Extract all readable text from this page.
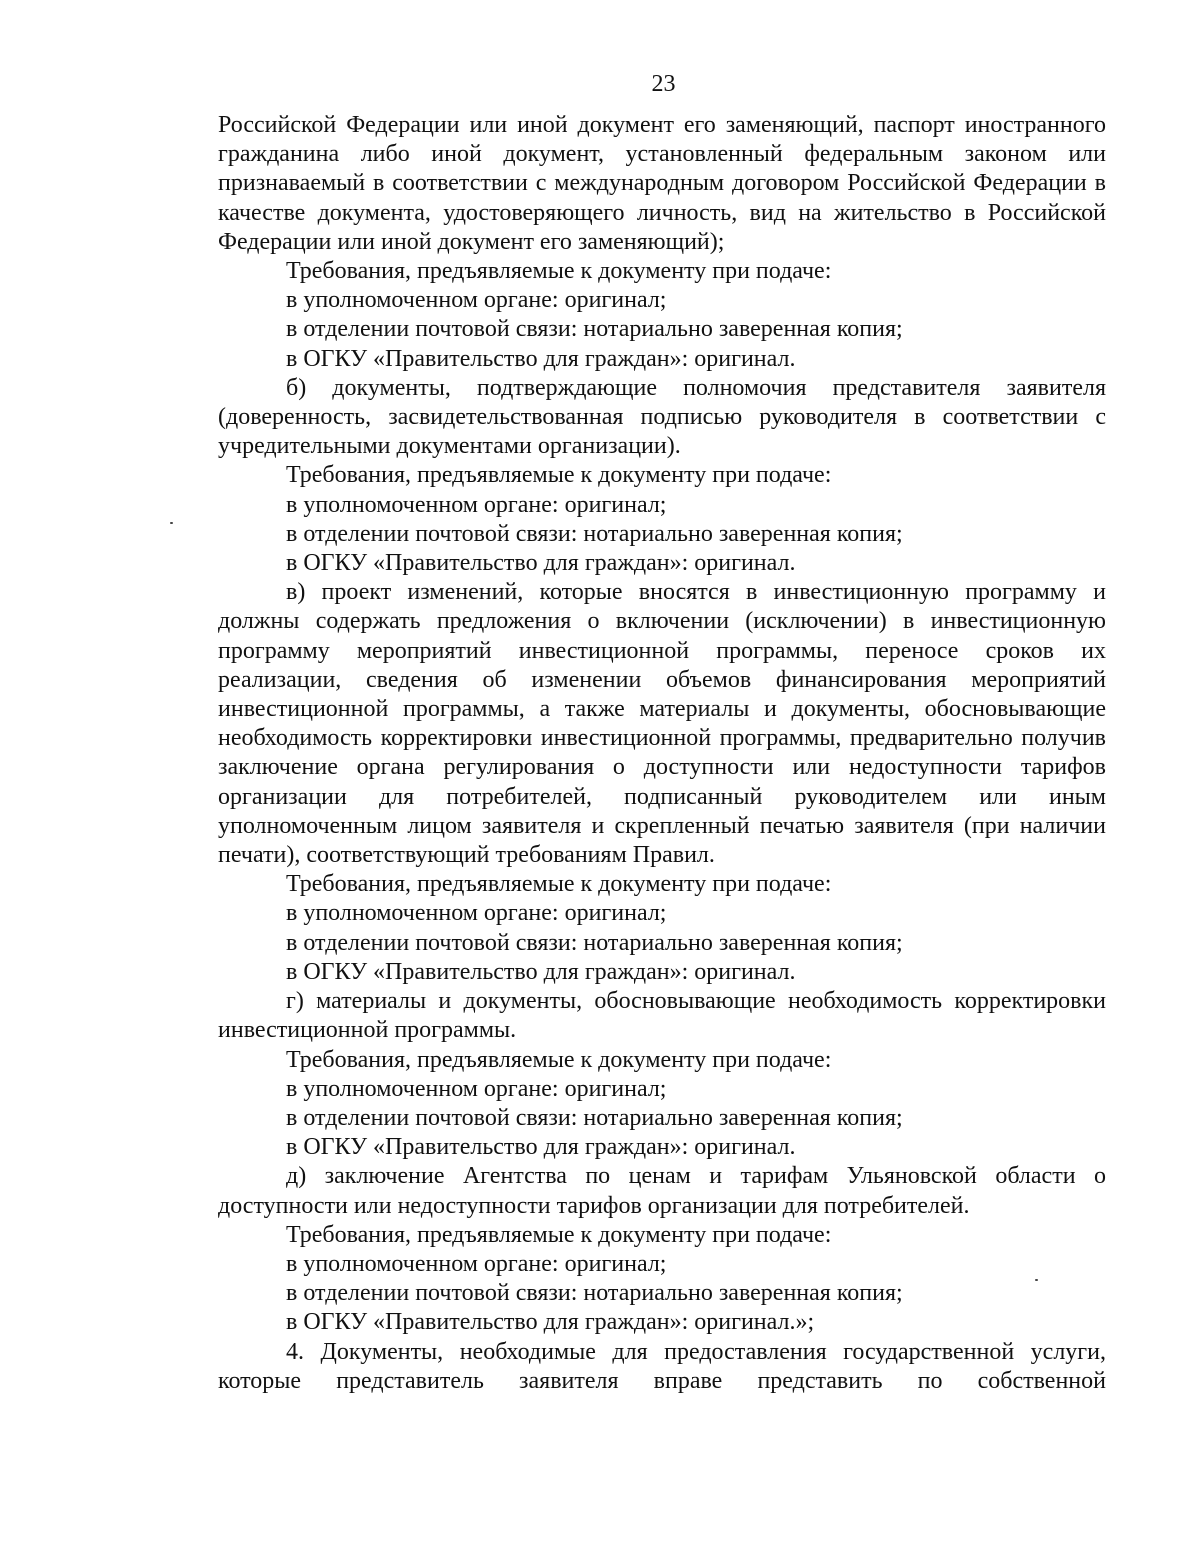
23

Российской Федерации или иной документ его заменяющий, паспорт иностранного гражданина либо иной документ, установленный федеральным законом или признаваемый в соответствии с международным договором Российской Федерации в качестве документа, удостоверяющего личность, вид на жительство в Российской Федерации или иной документ его заменяющий);

Требования, предъявляемые к документу при подаче:

в уполномоченном органе: оригинал;

в отделении почтовой связи: нотариально заверенная копия;

в ОГКУ «Правительство для граждан»: оригинал.

б) документы, подтверждающие полномочия представителя заявителя (доверенность, засвидетельствованная подписью руководителя в соответствии с учредительными документами организации).

Требования, предъявляемые к документу при подаче:

в уполномоченном органе: оригинал;

в отделении почтовой связи: нотариально заверенная копия;

в ОГКУ «Правительство для граждан»: оригинал.

в) проект изменений, которые вносятся в инвестиционную программу и должны содержать предложения о включении (исключении) в инвестиционную программу мероприятий инвестиционной программы, переносе сроков их реализации, сведения об изменении объемов финансирования мероприятий инвестиционной программы, а также материалы и документы, обосновывающие необходимость корректировки инвестиционной программы, предварительно получив заключение органа регулирования о доступности или недоступности тарифов организации для потребителей, подписанный руководителем или иным уполномоченным лицом заявителя и скрепленный печатью заявителя (при наличии печати), соответствующий требованиям Правил.

Требования, предъявляемые к документу при подаче:

в уполномоченном органе: оригинал;

в отделении почтовой связи: нотариально заверенная копия;

в ОГКУ «Правительство для граждан»: оригинал.

г) материалы и документы, обосновывающие необходимость корректировки инвестиционной программы.

Требования, предъявляемые к документу при подаче:

в уполномоченном органе: оригинал;

в отделении почтовой связи: нотариально заверенная копия;

в ОГКУ «Правительство для граждан»: оригинал.

д) заключение Агентства по ценам и тарифам Ульяновской области о доступности или недоступности тарифов организации для потребителей.

Требования, предъявляемые к документу при подаче:

в уполномоченном органе: оригинал;

в отделении почтовой связи: нотариально заверенная копия;

в ОГКУ «Правительство для граждан»: оригинал.»;

4. Документы, необходимые для предоставления государственной услуги, которые представитель заявителя вправе представить по собственной
